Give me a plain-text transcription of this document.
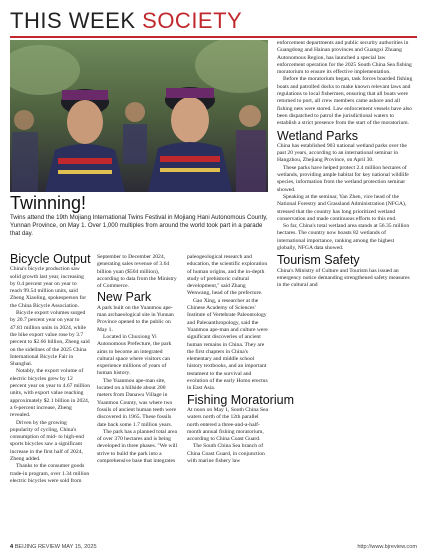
THIS WEEK SOCIETY
Twinning!
Twins attend the 19th Mojiang International Twins Festival in Mojiang Hani Autonomous County, Yunnan Province, on May 1. Over 1,000 multiples from around the world took part in a parade that day.
Bicycle Output

China's bicycle production saw solid growth last year, increasing by 0.4 percent year on year to reach 99.54 million units, said Zheng Xiaoling, spokesperson for the China Bicycle Association.

Bicycle export volumes surged by 20.7 percent year on year to 47.81 million units in 2024, while the bike export value rose by 3.7 percent to $2.66 billion, Zheng said on the sidelines of the 2025 China International Bicycle Fair in Shanghai.

Notably, the export volume of electric bicycles grew by 12 percent year on year to 4.67 million units, with export value reaching approximately $2.1 billion in 2024, a 6-percent increase, Zheng revealed.

Driven by the growing popularity of cycling, China's consumption of mid- to high-end sports bicycles saw a significant increase in the first half of 2024, Zheng added.

Thanks to the consumer goods trade-in program, over 1.34 million electric bicycles were sold from

September to December 2024, generating sales revenue of 3.64 billion yuan ($504 million), according to data from the Ministry of Commerce.

New Park

A park built on the Yuanmou ape-man archaeological site in Yunnan Province opened to the public on May 1.

Located in Chuxiong Yi Autonomous Prefecture, the park aims to become an integrated cultural space where visitors can experience millions of years of human history.

The Yuanmou ape-man site, located on a hillside about 200 meters from Danawu Village in Yuanmou County, was where two fossils of ancient human teeth were discovered in 1965. These fossils date back some 1.7 million years.

The park has a planned total area of over 370 hectares and is being developed in three phases. "We will strive to build the park into a comprehensive base that integrates

paleogeological research and education, the scientific exploration of human origins, and the in-depth study of prehistoric cultural development," said Zhang Wenwang, head of the prefecture.

Gao Xing, a researcher at the Chinese Academy of Sciences' Institute of Vertebrate Paleontology and Paleoanthropology, said the Yuanmou ape-man and culture were significant discoveries of ancient human remains in China. They are the first chapters in China's elementary and middle school history textbooks, and an important testament to the survival and evolution of the early Homo erectus in East Asia.

Fishing Moratorium

At noon on May 1, South China Sea waters north of the 12th parallel north entered a three-and-a-half-month annual fishing moratorium, according to China Coast Guard.

The South China Sea branch of China Coast Guard, in conjunction with marine fishery law

enforcement departments and public security authorities in Guangdong and Hainan provinces and Guangxi Zhuang Autonomous Region, has launched a special law enforcement operation for the 2025 South China Sea fishing moratorium to ensure its effective implementation.

Before the moratorium began, task forces boarded fishing boats and patrolled docks to make known relevant laws and regulations to local fishermen, ensuring that all boats were returned to port, all crew members came ashore and all fishing nets were stored. Law enforcement vessels have also been dispatched to patrol the jurisdictional waters to establish a strict presence from the start of the moratorium.

Wetland Parks

China has established 903 national wetland parks over the past 20 years, according to an international seminar in Hangzhou, Zhejiang Province, on April 30.

These parks have helped protect 2.4 million hectares of wetlands, providing ample habitat for key national wildlife species, information from the wetland protection seminar showed.

Speaking at the seminar, Yan Zhen, vice head of the National Forestry and Grassland Administration (NFGA), stressed that the country has long prioritized wetland conservation and made continuous efforts to this end.

So far, China's total wetland area stands at 56.35 million hectares. The country now boasts 82 wetlands of international importance, ranking among the highest globally, NFGA data showed.

Tourism Safety

China's Ministry of Culture and Tourism has issued an emergency notice demanding strengthened safety measures in the cultural and

4 BEIJING REVIEW MAY 15, 2025	http://www.bjreview.com
